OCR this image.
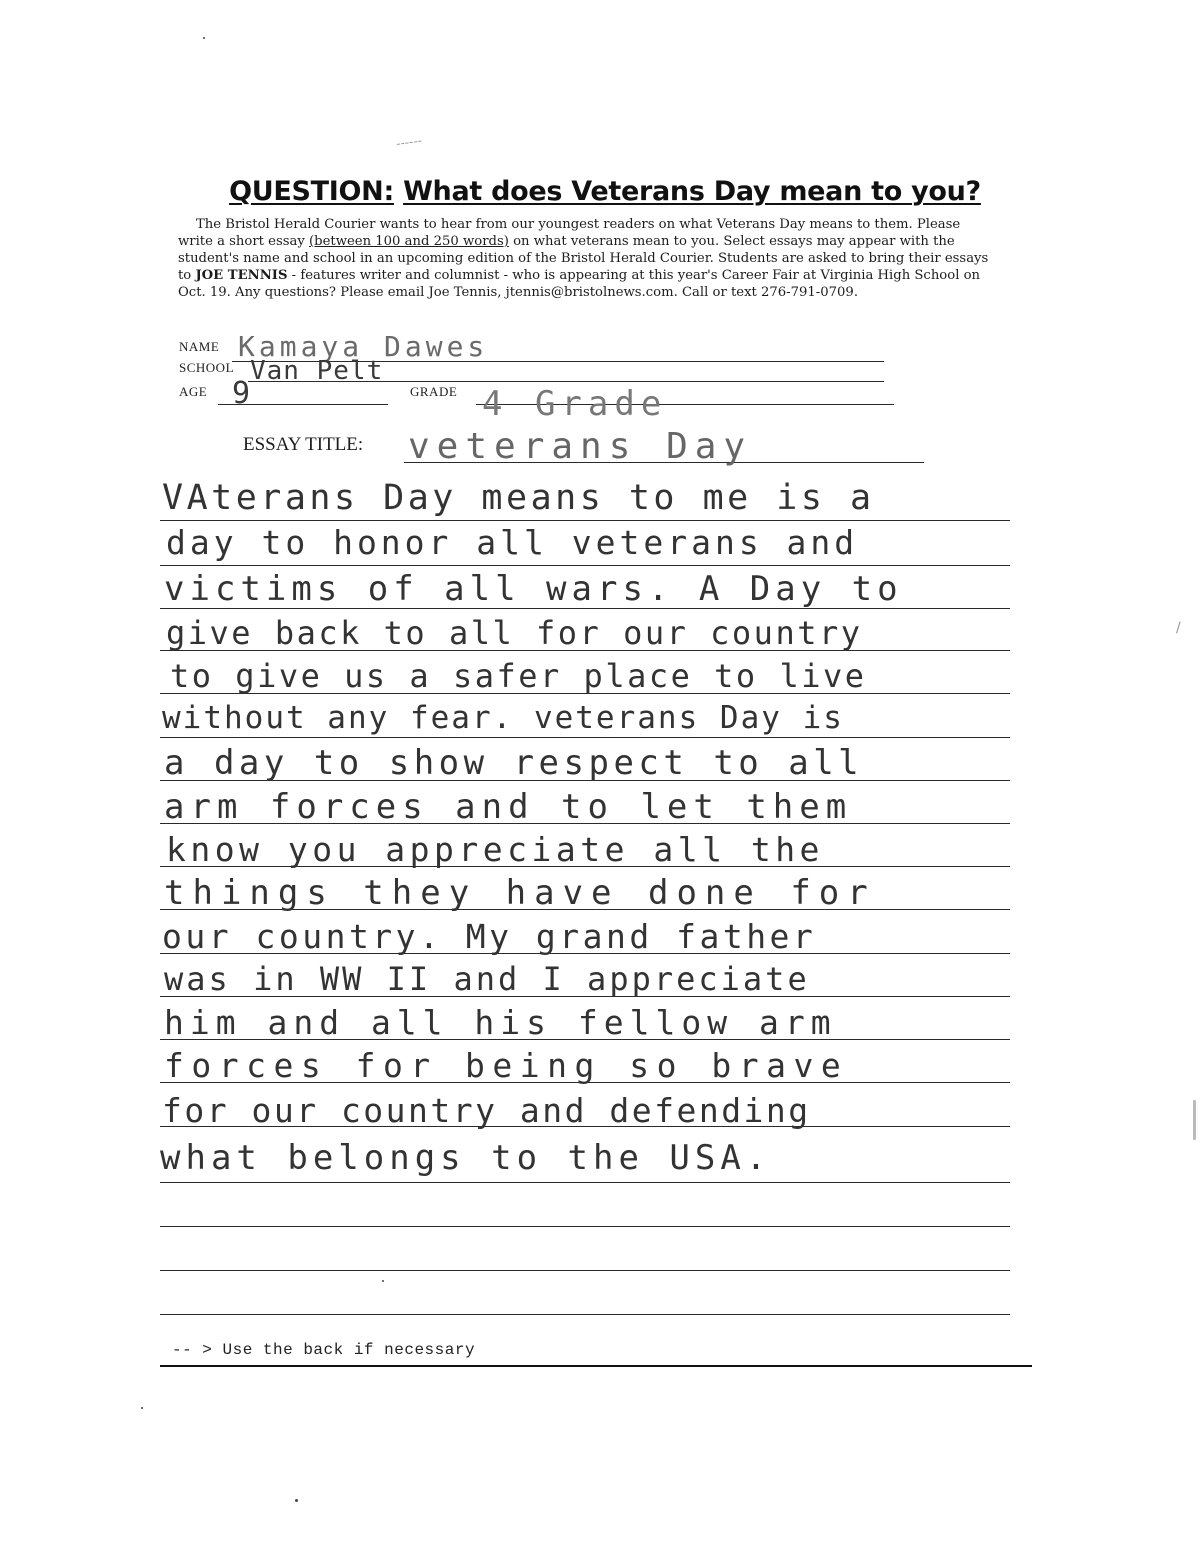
‐‐‐‐‐‐
/
QUESTION: What does Veterans Day mean to you?

The Bristol Herald Courier wants to hear from our youngest readers on what Veterans Day means to them. Please

write a short essay (between 100 and 250 words) on what veterans mean to you. Select essays may appear with the

student's name and school in an upcoming edition of the Bristol Herald Courier. Students are asked to bring their essays

to JOE TENNIS - features writer and columnist - who is appearing at this year's Career Fair at Virginia High School on

Oct. 19. Any questions? Please email Joe Tennis, jtennis@bristolnews.com. Call or text 276-791-0709.

NAME Kamaya Dawes
SCHOOL Van Pelt
AGE 9	GRADE 4 Grade
ESSAY TITLE: veterans Day
VAterans Day means to me is a
day to honor all veterans and
victims of all wars. A Day to
give back to all for our country
to give us a safer place to live
without any fear. veterans Day is
a day to show respect to all
arm forces and to let them
know you appreciate all the
things they have done for
our country. My grand father
was in WW II and I appreciate
him and all his fellow arm
forces for being so brave
for our country and defending
what belongs to the USA.
-- > Use the back if necessary
